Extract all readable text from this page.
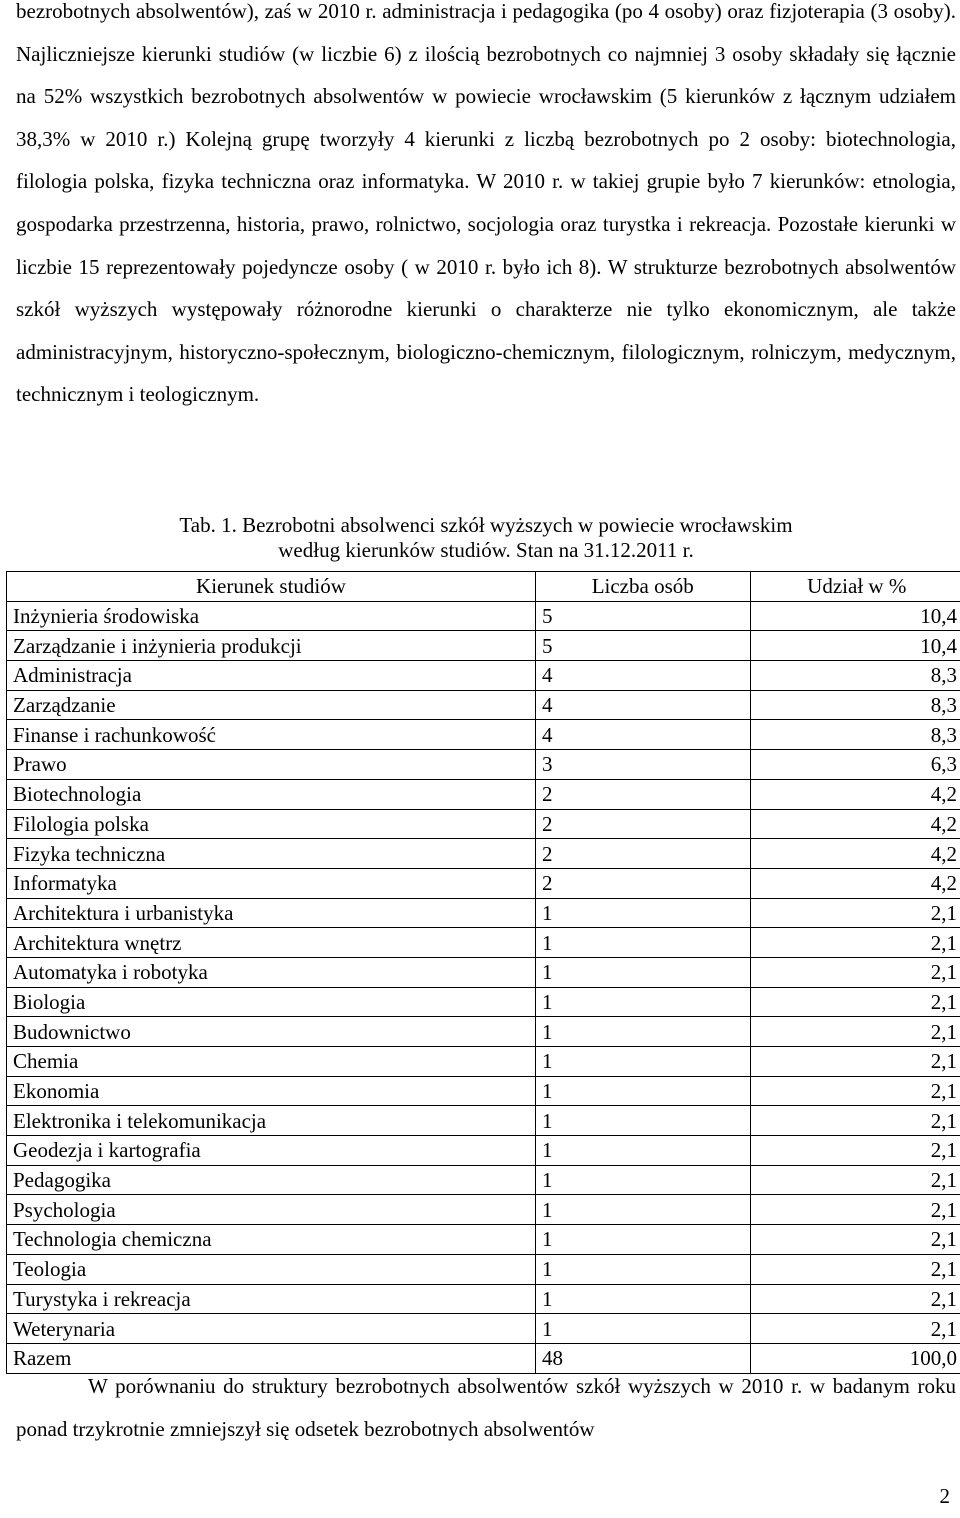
bezrobotnych absolwentów), zaś w 2010 r. administracja i pedagogika (po 4 osoby) oraz fizjoterapia (3 osoby). Najliczniejsze kierunki studiów (w liczbie 6) z ilością bezrobotnych co najmniej 3 osoby składały się łącznie na 52% wszystkich bezrobotnych absolwentów w powiecie wrocławskim (5 kierunków z łącznym udziałem 38,3% w 2010 r.) Kolejną grupę tworzyły 4 kierunki z liczbą bezrobotnych po 2 osoby: biotechnologia, filologia polska, fizyka techniczna oraz informatyka. W 2010 r. w takiej grupie było 7 kierunków: etnologia, gospodarka przestrzenna, historia, prawo, rolnictwo, socjologia oraz turystka i rekreacja. Pozostałe kierunki w liczbie 15 reprezentowały pojedyncze osoby ( w 2010 r. było ich 8). W strukturze bezrobotnych absolwentów szkół wyższych występowały różnorodne kierunki o charakterze nie tylko ekonomicznym, ale także administracyjnym, historyczno-społecznym, biologiczno-chemicznym, filologicznym, rolniczym, medycznym, technicznym i teologicznym.

Tab. 1. Bezrobotni absolwenci szkół wyższych w powiecie wrocławskim
według kierunków studiów. Stan na 31.12.2011 r.
Kierunek studiów	Liczba osób	Udział w %
Inżynieria środowiska	5	10,4
Zarządzanie i inżynieria produkcji	5	10,4
Administracja	4	8,3
Zarządzanie	4	8,3
Finanse i rachunkowość	4	8,3
Prawo	3	6,3
Biotechnologia	2	4,2
Filologia polska	2	4,2
Fizyka techniczna	2	4,2
Informatyka	2	4,2
Architektura i urbanistyka	1	2,1
Architektura wnętrz	1	2,1
Automatyka i robotyka	1	2,1
Biologia	1	2,1
Budownictwo	1	2,1
Chemia	1	2,1
Ekonomia	1	2,1
Elektronika i telekomunikacja	1	2,1
Geodezja i kartografia	1	2,1
Pedagogika	1	2,1
Psychologia	1	2,1
Technologia chemiczna	1	2,1
Teologia	1	2,1
Turystyka i rekreacja	1	2,1
Weterynaria	1	2,1
Razem	48	100,0

W porównaniu do struktury bezrobotnych absolwentów szkół wyższych w 2010 r. w badanym roku ponad trzykrotnie zmniejszył się odsetek bezrobotnych absolwentów

2
